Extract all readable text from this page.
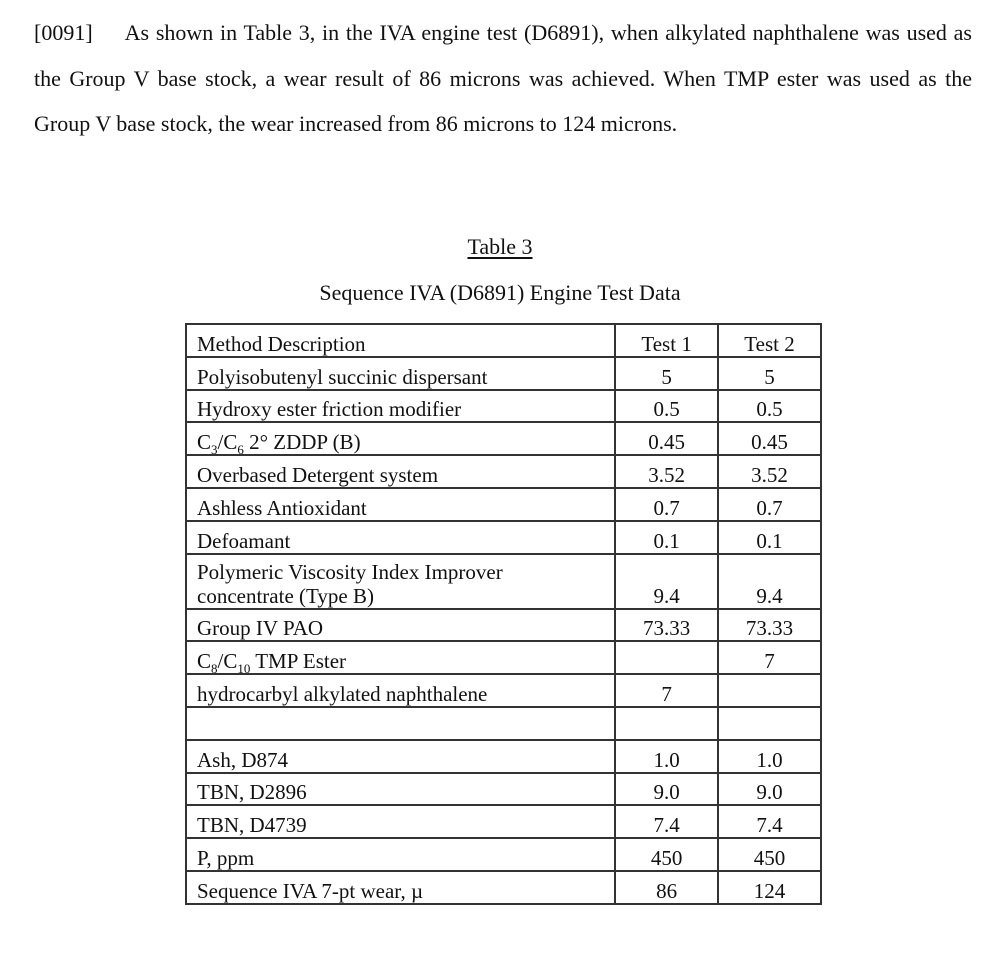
[0091] As shown in Table 3, in the IVA engine test (D6891), when alkylated naphthalene was used as the Group V base stock, a wear result of 86 microns was achieved. When TMP ester was used as the Group V base stock, the wear increased from 86 microns to 124 microns.
Table 3
Sequence IVA (D6891) Engine Test Data
Method Description	Test 1	Test 2
Polyisobutenyl succinic dispersant	5	5
Hydroxy ester friction modifier	0.5	0.5
$C_3/C_6$ 2° ZDDP (B)	0.45	0.45
Overbased Detergent system	3.52	3.52
Ashless Antioxidant	0.7	0.7
Defoamant	0.1	0.1
Polymeric Viscosity Index Improver
concentrate (Type B)	9.4	9.4
Group IV PAO	73.33	73.33
$C_8/C_{10}$ TMP Ester		7
hydrocarbyl alkylated naphthalene	7	

Ash, D874	1.0	1.0
TBN, D2896	9.0	9.0
TBN, D4739	7.4	7.4
P, ppm	450	450
Sequence IVA 7-pt wear, µ	86	124
